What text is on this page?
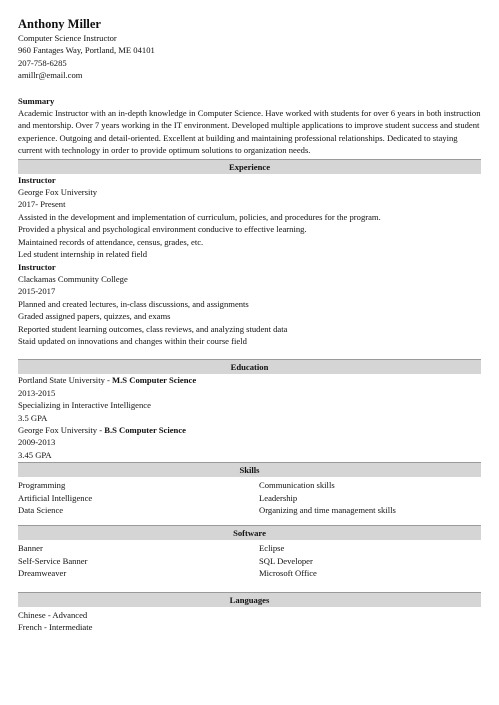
Anthony Miller
Computer Science Instructor
960 Fantages Way, Portland, ME 04101
207-758-6285
amillr@email.com
Summary
Academic Instructor with an in-depth knowledge in Computer Science. Have worked with students for over 6 years in both instruction and mentorship. Over 7 years working in the IT environment. Developed multiple applications to improve student success and student experience. Outgoing and detail-oriented. Excellent at building and maintaining professional relationships. Dedicated to staying current with technology in order to provide optimum solutions to organization needs.
Experience
Instructor
George Fox University
2017- Present
Assisted in the development and implementation of curriculum, policies, and procedures for the program.
Provided a physical and psychological environment conducive to effective learning.
Maintained records of attendance, census, grades, etc.
Led student internship in related field
Instructor
Clackamas Community College
2015-2017
Planned and created lectures, in-class discussions, and assignments
Graded assigned papers, quizzes, and exams
Reported student learning outcomes, class reviews, and analyzing student data
Staid updated on innovations and changes within their course field
Education
Portland State University - M.S Computer Science
2013-2015
Specializing in Interactive Intelligence
3.5 GPA
George Fox University - B.S Computer Science
2009-2013
3.45 GPA
Skills
Programming
Artificial Intelligence
Data Science
Communication skills
Leadership
Organizing and time management skills
Software
Banner
Self-Service Banner
Dreamweaver
Eclipse
SQL Developer
Microsoft Office
Languages
Chinese - Advanced
French - Intermediate
